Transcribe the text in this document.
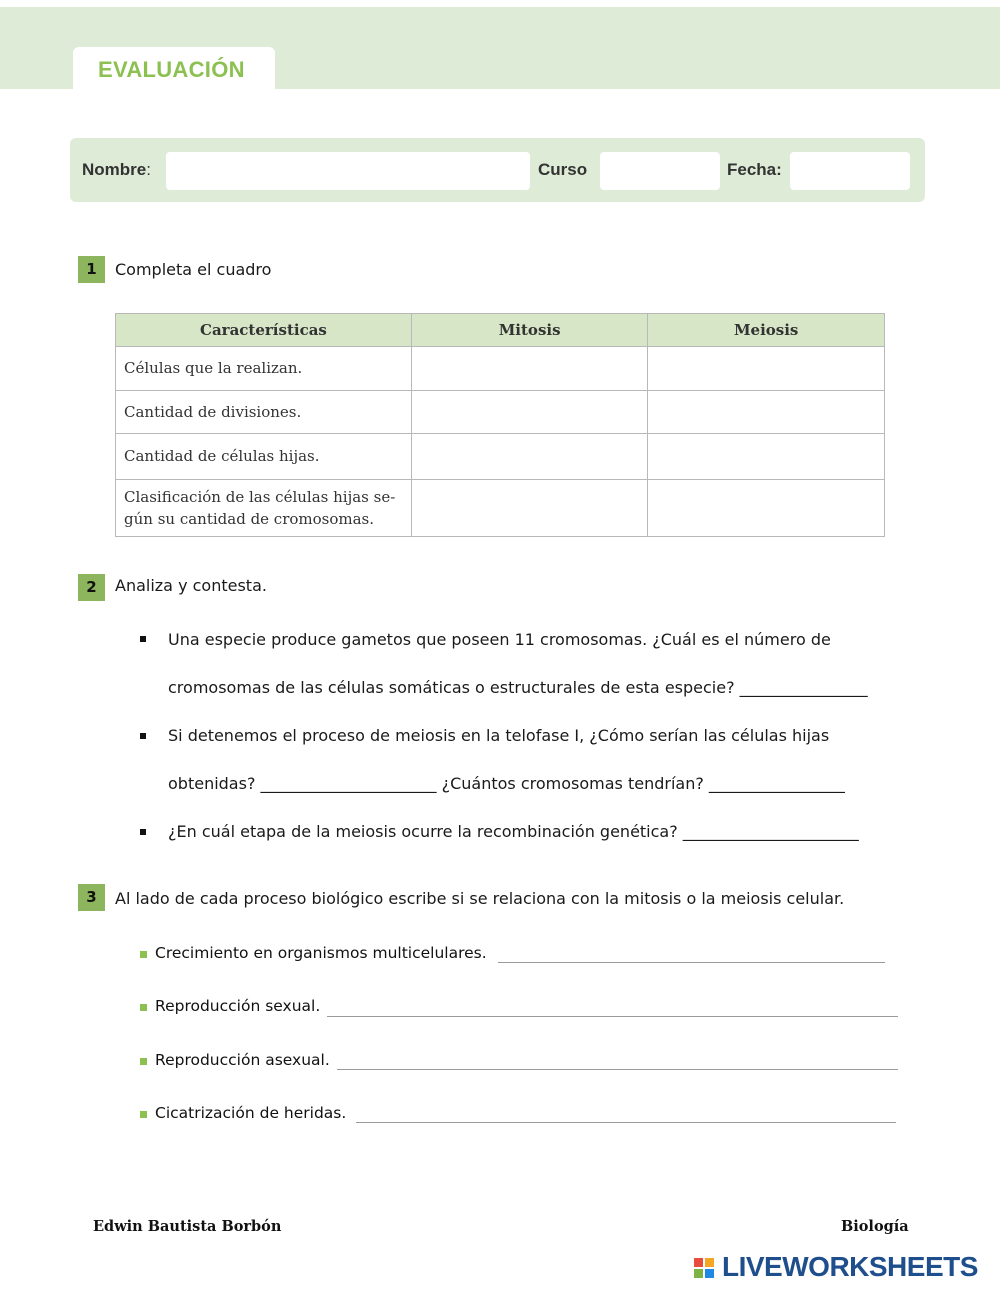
EVALUACIÓN
Nombre:	Curso	Fecha:
1	Completa el cuadro
Características	Mitosis	Meiosis
Células que la realizan.		
Cantidad de divisiones.		
Cantidad de células hijas.		
Clasificación de las células hijas se-
gún su cantidad de cromosomas.		
2	Analiza y contesta.
Una especie produce gametos que poseen 11 cromosomas. ¿Cuál es el número de
cromosomas de las células somáticas o estructurales de esta especie? ________________
Si detenemos el proceso de meiosis en la telofase I, ¿Cómo serían las células hijas
obtenidas? ______________________ ¿Cuántos cromosomas tendrían? _________________
¿En cuál etapa de la meiosis ocurre la recombinación genética? ______________________
3	Al lado de cada proceso biológico escribe si se relaciona con la mitosis o la meiosis celular.
Crecimiento en organismos multicelulares.
Reproducción sexual.
Reproducción asexual.
Cicatrización de heridas.
Edwin Bautista Borbón	Biología
LIVEWORKSHEETS
